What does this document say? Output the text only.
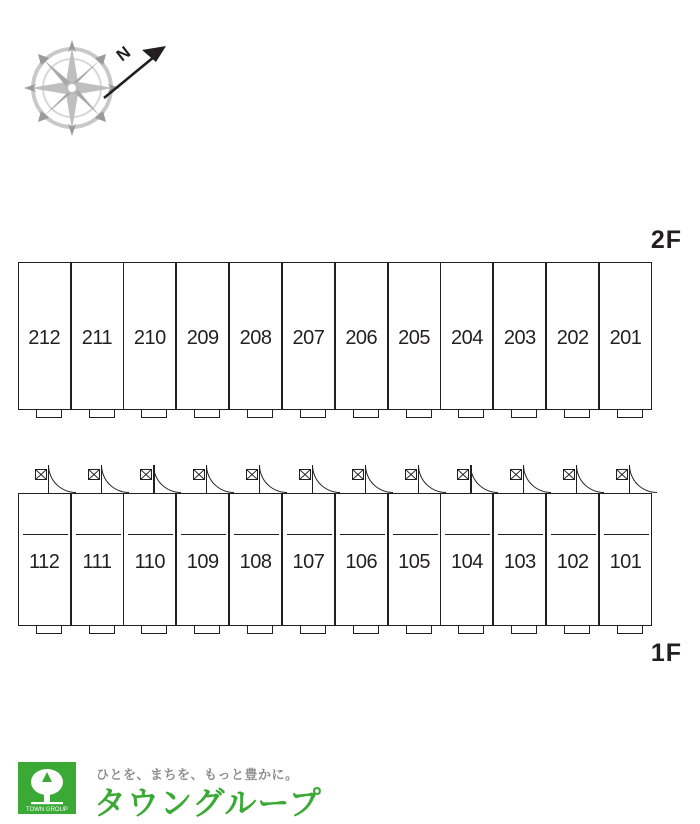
N
2F
212	211	210	209	208	207	206	205	204	203	202	201
112	111	110	109	108	107	106	105	104	103	102	101
1F
TOWN GROUP
ひとを、まちを、もっと豊かに。
タウングループ
